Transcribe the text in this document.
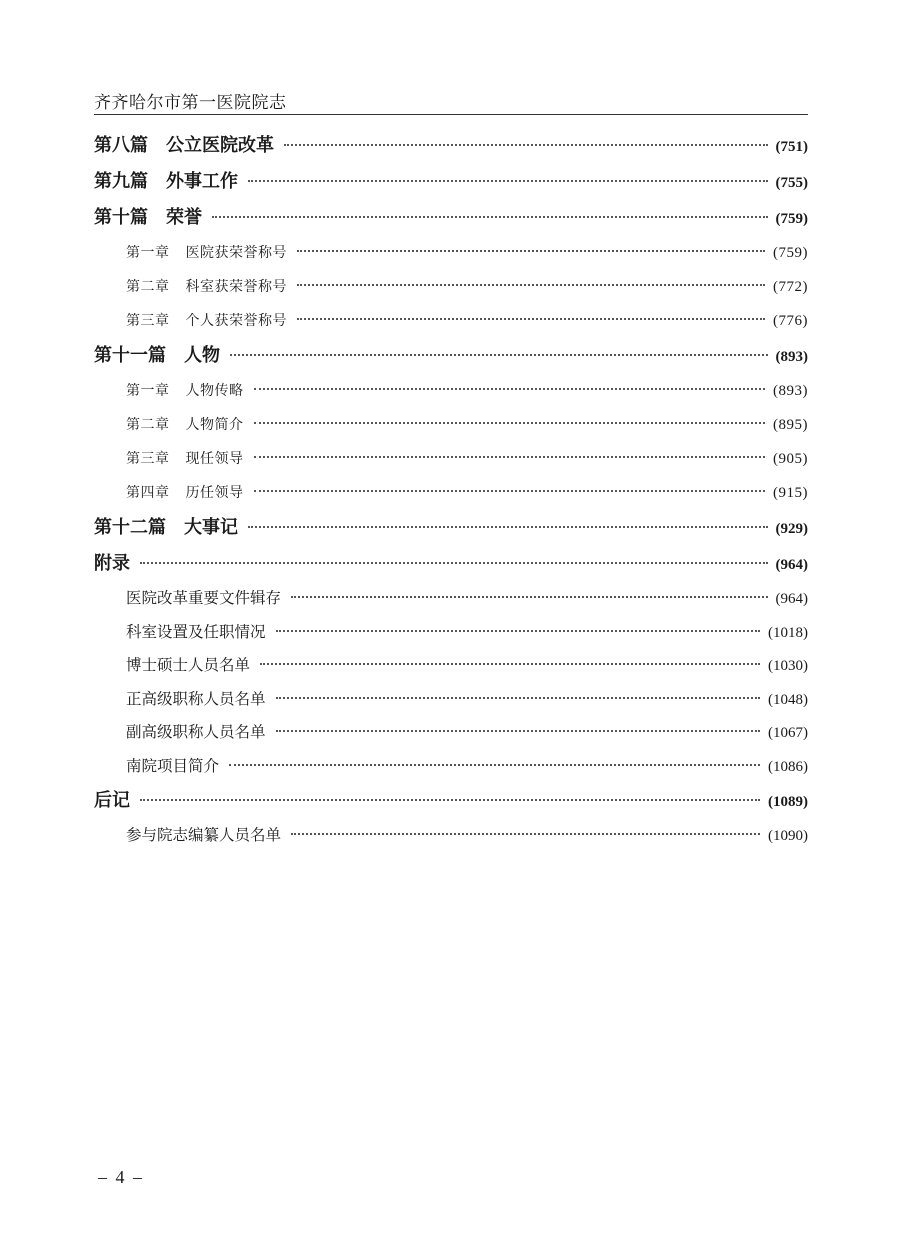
齐齐哈尔市第一医院院志
第八篇 公立医院改革	(751)
第九篇 外事工作	(755)
第十篇 荣誉	(759)
第一章 医院获荣誉称号	(759)
第二章 科室获荣誉称号	(772)
第三章 个人获荣誉称号	(776)
第十一篇 人物	(893)
第一章 人物传略	(893)
第二章 人物简介	(895)
第三章 现任领导	(905)
第四章 历任领导	(915)
第十二篇 大事记	(929)
附录	(964)
医院改革重要文件辑存	(964)
科室设置及任职情况	(1018)
博士硕士人员名单	(1030)
正高级职称人员名单	(1048)
副高级职称人员名单	(1067)
南院项目简介	(1086)
后记	(1089)
参与院志编纂人员名单	(1090)
– 4 –
